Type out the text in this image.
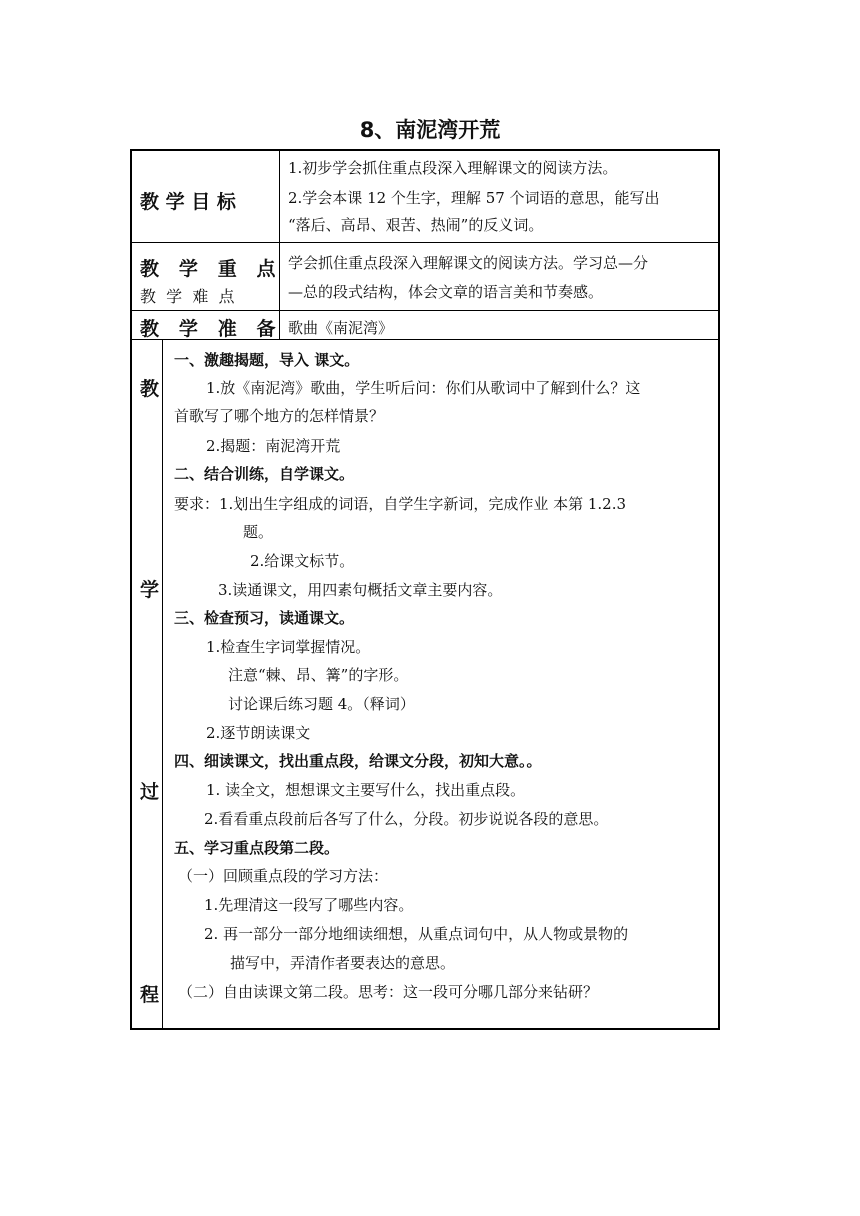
8、南泥湾开荒
教 学 目 标
1.初步学会抓住重点段深入理解课文的阅读方法。
2.学会本课 12 个生字，理解 57 个词语的意思，能写出
“落后、高昂、艰苦、热闹”的反义词。
教   学   重   点
教  学  难  点
学会抓住重点段深入理解课文的阅读方法。学习总—分
—总的段式结构，体会文章的语言美和节奏感。
教   学   准   备 歌曲《南泥湾》
教
学
过
程
一、激趣揭题，导入 课文。
1.放《南泥湾》歌曲，学生听后问：你们从歌词中了解到什么？这
首歌写了哪个地方的怎样情景？
2.揭题：南泥湾开荒
二、结合训练，自学课文。
要求：1.划出生字组成的词语，自学生字新词，完成作业 本第 1.2.3
题。
2.给课文标节。
3.读通课文，用四素句概括文章主要内容。
三、检查预习，读通课文。
1.检查生字词掌握情况。
注意“棘、昂、篝”的字形。
讨论课后练习题 4。（释词）
2.逐节朗读课文
四、细读课文，找出重点段，给课文分段，初知大意。。
1. 读全文，想想课文主要写什么，找出重点段。
2.看看重点段前后各写了什么，分段。初步说说各段的意思。
五、学习重点段第二段。
（一）回顾重点段的学习方法：
1.先理清这一段写了哪些内容。
2. 再一部分一部分地细读细想，从重点词句中，从人物或景物的
描写中，弄清作者要表达的意思。
（二）自由读课文第二段。思考：这一段可分哪几部分来钻研？
